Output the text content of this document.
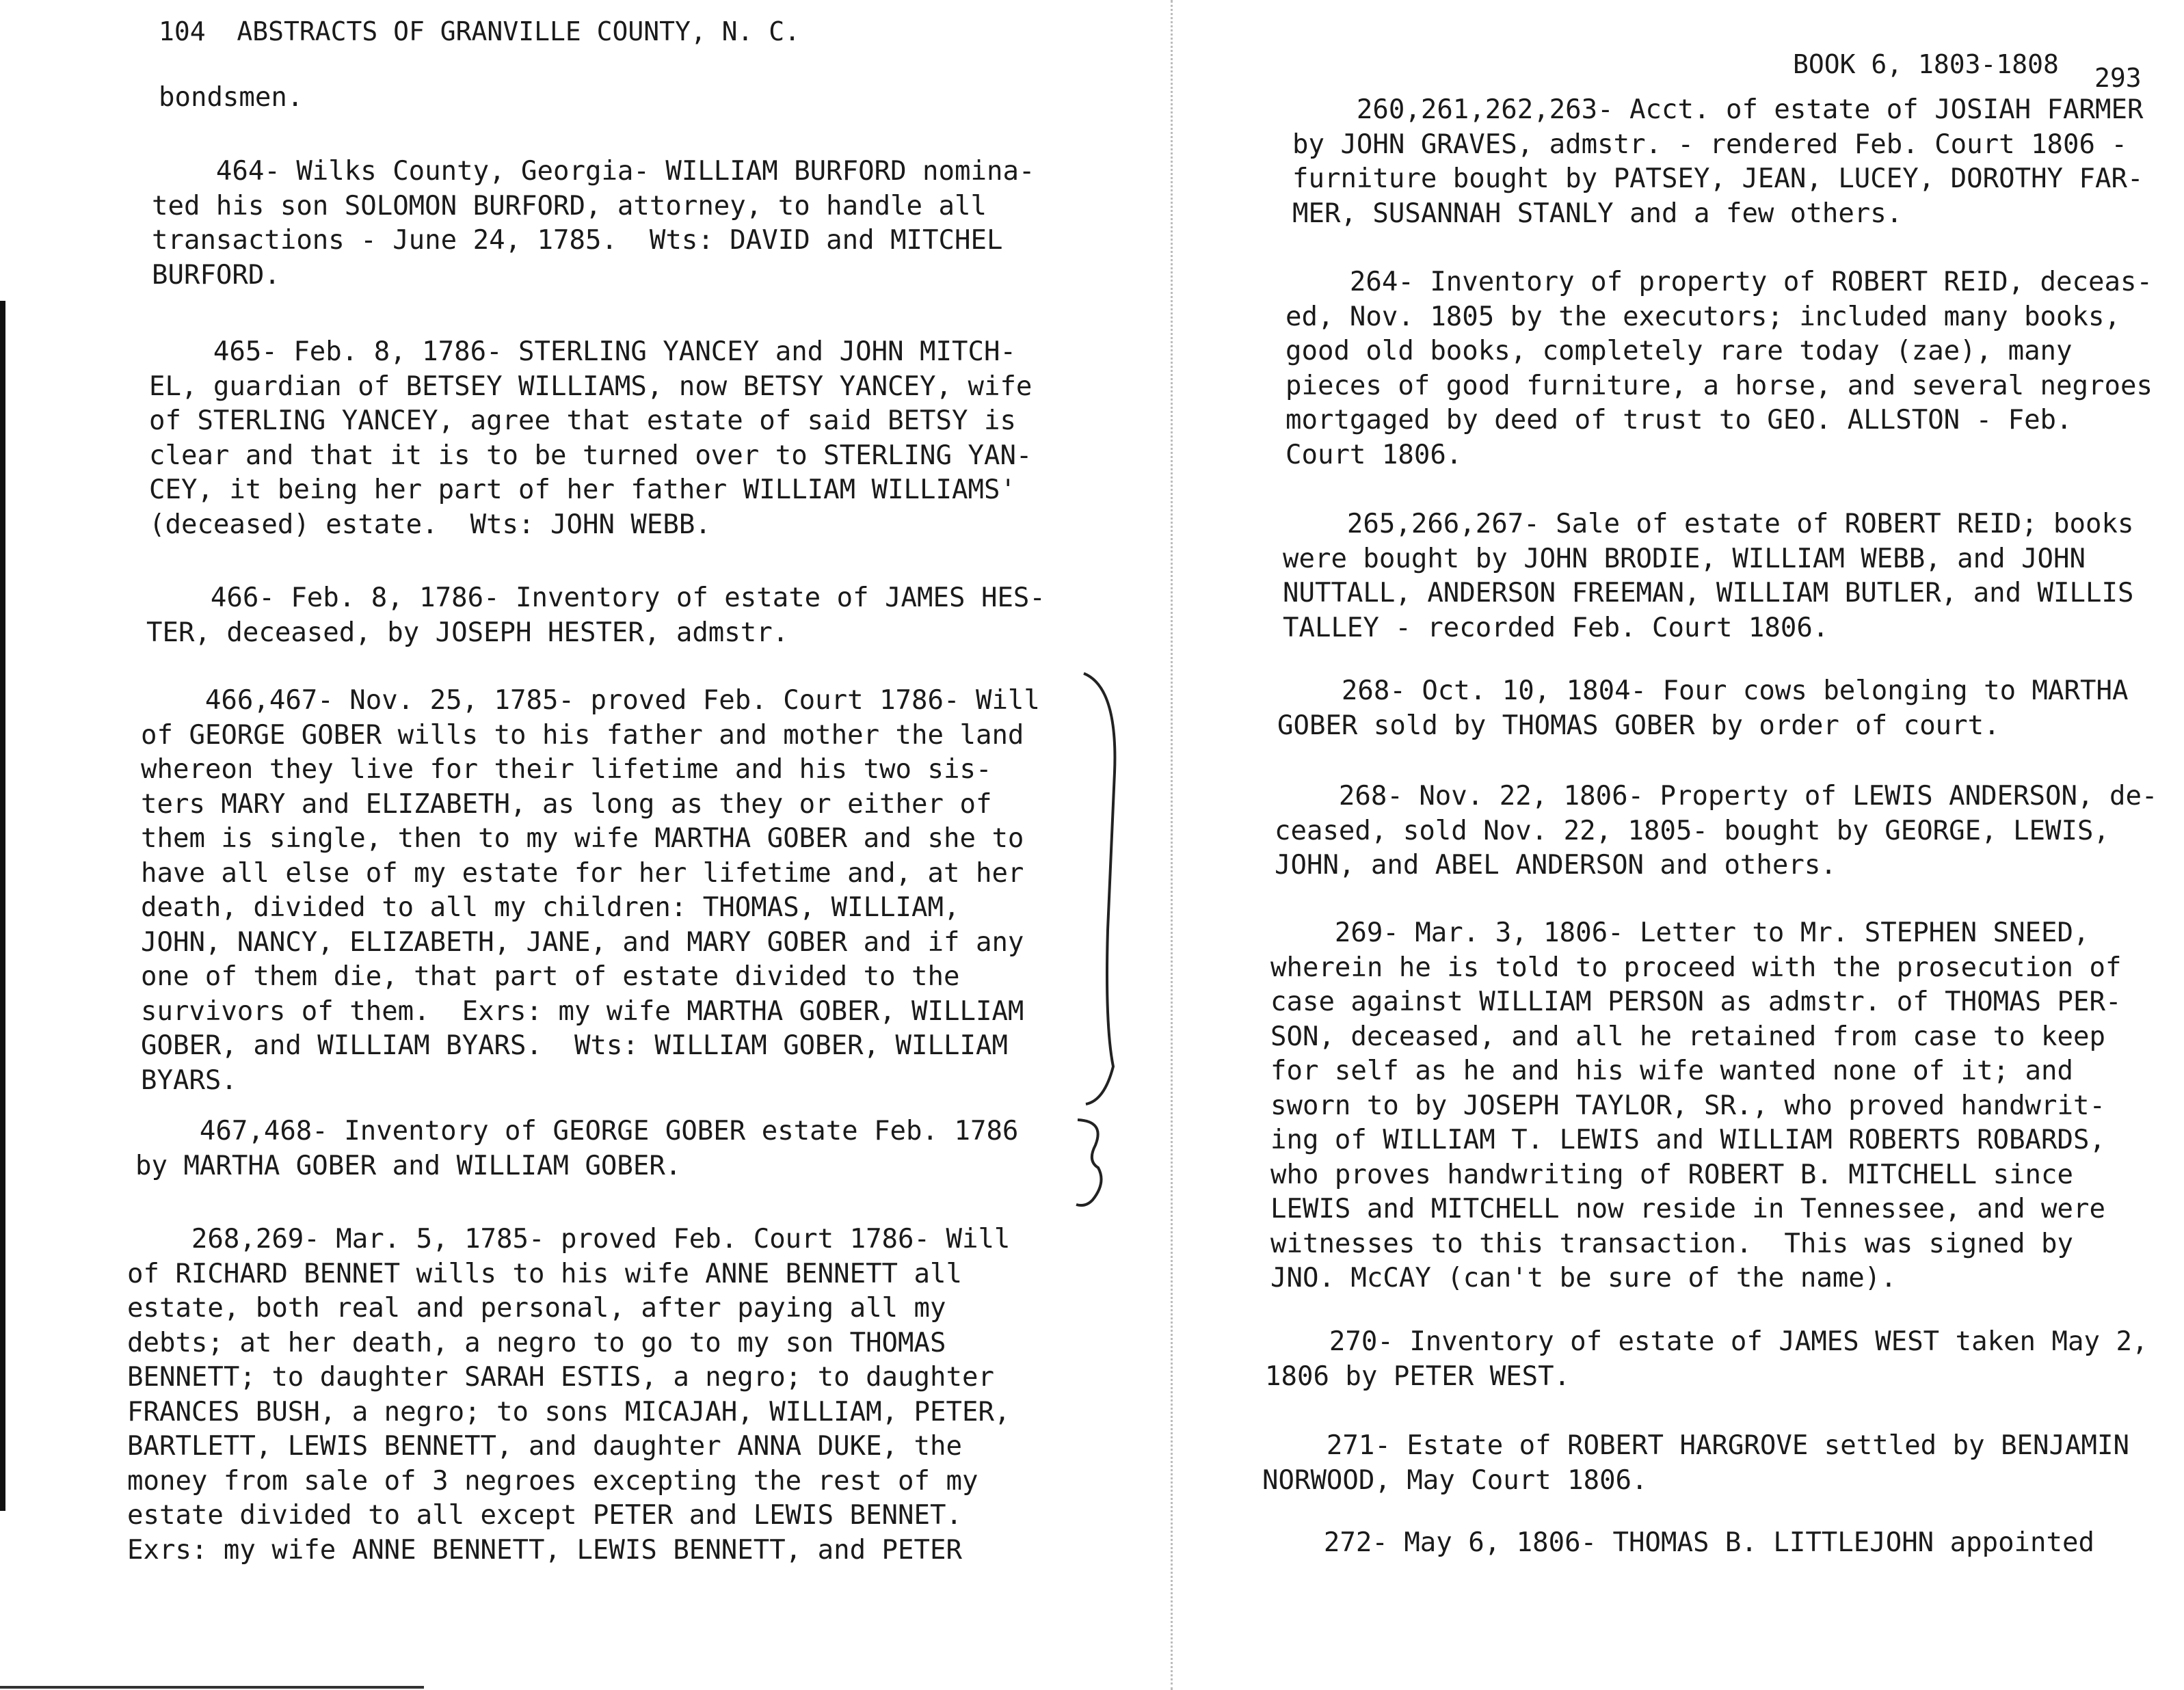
104  ABSTRACTS OF GRANVILLE COUNTY, N. C.
bondsmen.
464- Wilks County, Georgia- WILLIAM BURFORD nomina-
ted his son SOLOMON BURFORD, attorney, to handle all
transactions - June 24, 1785.  Wts: DAVID and MITCHEL
BURFORD.
465- Feb. 8, 1786- STERLING YANCEY and JOHN MITCH-
EL, guardian of BETSEY WILLIAMS, now BETSY YANCEY, wife
of STERLING YANCEY, agree that estate of said BETSY is
clear and that it is to be turned over to STERLING YAN-
CEY, it being her part of her father WILLIAM WILLIAMS'
(deceased) estate.  Wts: JOHN WEBB.
466- Feb. 8, 1786- Inventory of estate of JAMES HES-
TER, deceased, by JOSEPH HESTER, admstr.
466,467- Nov. 25, 1785- proved Feb. Court 1786- Will
of GEORGE GOBER wills to his father and mother the land
whereon they live for their lifetime and his two sis-
ters MARY and ELIZABETH, as long as they or either of
them is single, then to my wife MARTHA GOBER and she to
have all else of my estate for her lifetime and, at her
death, divided to all my children: THOMAS, WILLIAM,
JOHN, NANCY, ELIZABETH, JANE, and MARY GOBER and if any
one of them die, that part of estate divided to the
survivors of them.  Exrs: my wife MARTHA GOBER, WILLIAM
GOBER, and WILLIAM BYARS.  Wts: WILLIAM GOBER, WILLIAM
BYARS.
467,468- Inventory of GEORGE GOBER estate Feb. 1786
by MARTHA GOBER and WILLIAM GOBER.
268,269- Mar. 5, 1785- proved Feb. Court 1786- Will
of RICHARD BENNET wills to his wife ANNE BENNETT all
estate, both real and personal, after paying all my
debts; at her death, a negro to go to my son THOMAS
BENNETT; to daughter SARAH ESTIS, a negro; to daughter
FRANCES BUSH, a negro; to sons MICAJAH, WILLIAM, PETER,
BARTLETT, LEWIS BENNETT, and daughter ANNA DUKE, the
money from sale of 3 negroes excepting the rest of my
estate divided to all except PETER and LEWIS BENNET.
Exrs: my wife ANNE BENNETT, LEWIS BENNETT, and PETER
BOOK 6, 1803-1808 293
260,261,262,263- Acct. of estate of JOSIAH FARMER
by JOHN GRAVES, admstr. - rendered Feb. Court 1806 -
furniture bought by PATSEY, JEAN, LUCEY, DOROTHY FAR-
MER, SUSANNAH STANLY and a few others.
264- Inventory of property of ROBERT REID, deceas-
ed, Nov. 1805 by the executors; included many books,
good old books, completely rare today (zae), many
pieces of good furniture, a horse, and several negroes
mortgaged by deed of trust to GEO. ALLSTON - Feb.
Court 1806.
265,266,267- Sale of estate of ROBERT REID; books
were bought by JOHN BRODIE, WILLIAM WEBB, and JOHN
NUTTALL, ANDERSON FREEMAN, WILLIAM BUTLER, and WILLIS
TALLEY - recorded Feb. Court 1806.
268- Oct. 10, 1804- Four cows belonging to MARTHA
GOBER sold by THOMAS GOBER by order of court.
268- Nov. 22, 1806- Property of LEWIS ANDERSON, de-
ceased, sold Nov. 22, 1805- bought by GEORGE, LEWIS,
JOHN, and ABEL ANDERSON and others.
269- Mar. 3, 1806- Letter to Mr. STEPHEN SNEED,
wherein he is told to proceed with the prosecution of
case against WILLIAM PERSON as admstr. of THOMAS PER-
SON, deceased, and all he retained from case to keep
for self as he and his wife wanted none of it; and
sworn to by JOSEPH TAYLOR, SR., who proved handwrit-
ing of WILLIAM T. LEWIS and WILLIAM ROBERTS ROBARDS,
who proves handwriting of ROBERT B. MITCHELL since
LEWIS and MITCHELL now reside in Tennessee, and were
witnesses to this transaction.  This was signed by
JNO. McCAY (can't be sure of the name).
270- Inventory of estate of JAMES WEST taken May 2,
1806 by PETER WEST.
271- Estate of ROBERT HARGROVE settled by BENJAMIN
NORWOOD, May Court 1806.
272- May 6, 1806- THOMAS B. LITTLEJOHN appointed
